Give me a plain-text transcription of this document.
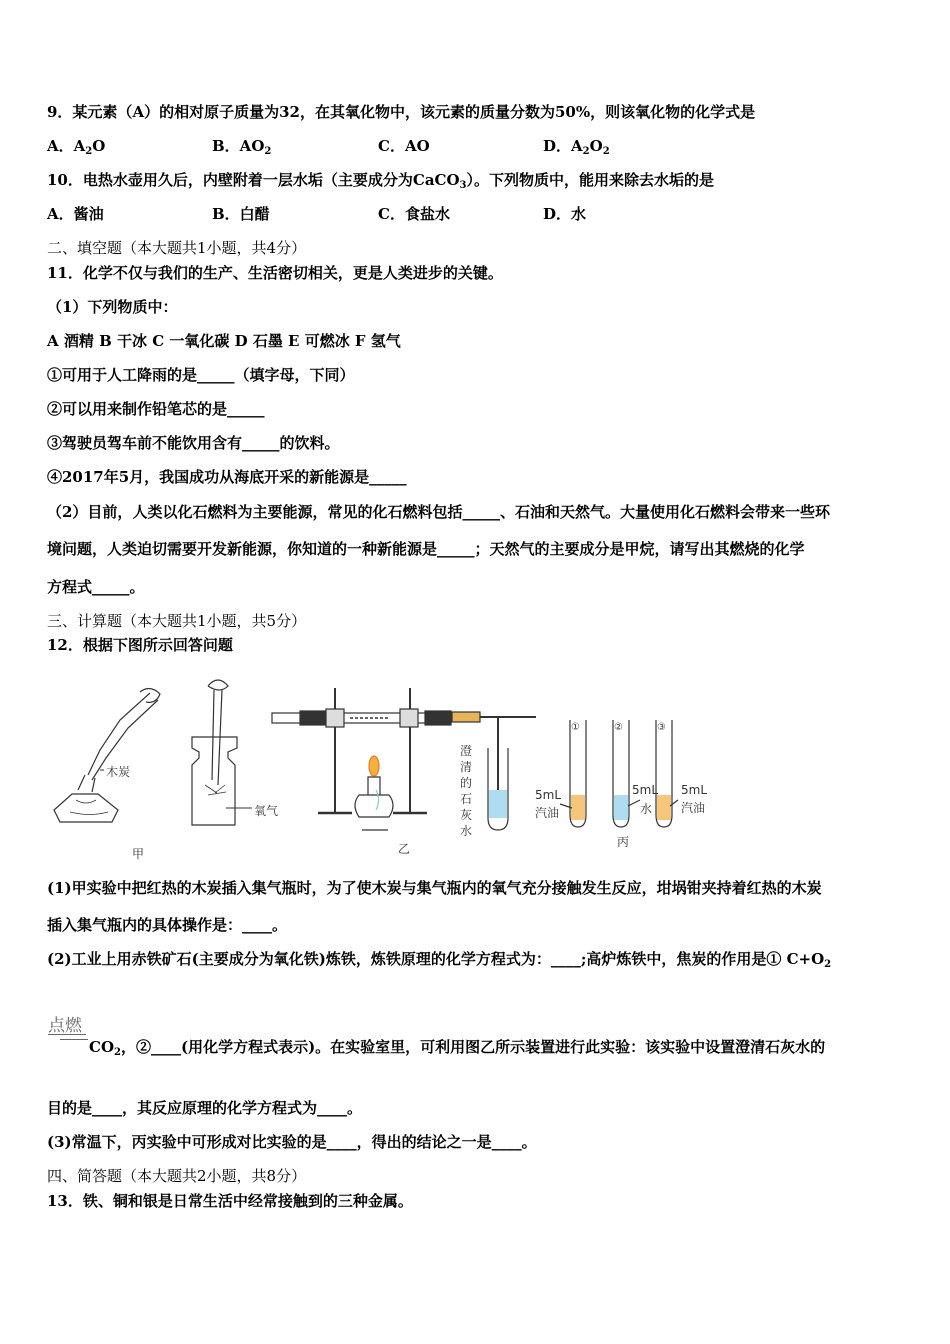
9．某元素（A）的相对原子质量为32，在其氧化物中，该元素的质量分数为50%，则该氧化物的化学式是
A．$A_2O$	B．$AO_2$	C．AO	D．$A_2O_2$
10．电热水壶用久后，内壁附着一层水垢（主要成分为CaCO$_3$）。下列物质中，能用来除去水垢的是
A．酱油	B．白醋	C．食盐水	D．水
二、填空题（本大题共1小题，共4分）
11．化学不仅与我们的生产、生活密切相关，更是人类进步的关键。
（1）下列物质中：
A 酒精 B 干冰 C 一氧化碳 D 石墨 E 可燃冰 F 氢气
①可用于人工降雨的是_____（填字母，下同）
②可以用来制作铅笔芯的是_____
③驾驶员驾车前不能饮用含有_____的饮料。
④2017年5月，我国成功从海底开采的新能源是_____
（2）目前，人类以化石燃料为主要能源，常见的化石燃料包括_____、石油和天然气。大量使用化石燃料会带来一些环
境问题，人类迫切需要开发新能源，你知道的一种新能源是_____；天然气的主要成分是甲烷，请写出其燃烧的化学
方程式_____。
三、计算题（本大题共1小题，共5分）
12．根据下图所示回答问题
木炭
氧气
甲	乙	丙
澄
清
的
石
灰
水
①	②	③
5mL
汽油
5mL
水
5mL
汽油
(1)甲实验中把红热的木炭插入集气瓶时，为了使木炭与集气瓶内的氧气充分接触发生反应，坩埚钳夹持着红热的木炭
插入集气瓶内的具体操作是：____。
(2)工业上用赤铁矿石(主要成分为氧化铁)炼铁，炼铁原理的化学方程式为：____;高炉炼铁中，焦炭的作用是① $C+O_2$
点燃
$CO_2$，②____(用化学方程式表示)。在实验室里，可利用图乙所示装置进行此实验：该实验中设置澄清石灰水的
目的是____，其反应原理的化学方程式为____。
(3)常温下，丙实验中可形成对比实验的是____，得出的结论之一是____。
四、简答题（本大题共2小题，共8分）
13．铁、铜和银是日常生活中经常接触到的三种金属。
